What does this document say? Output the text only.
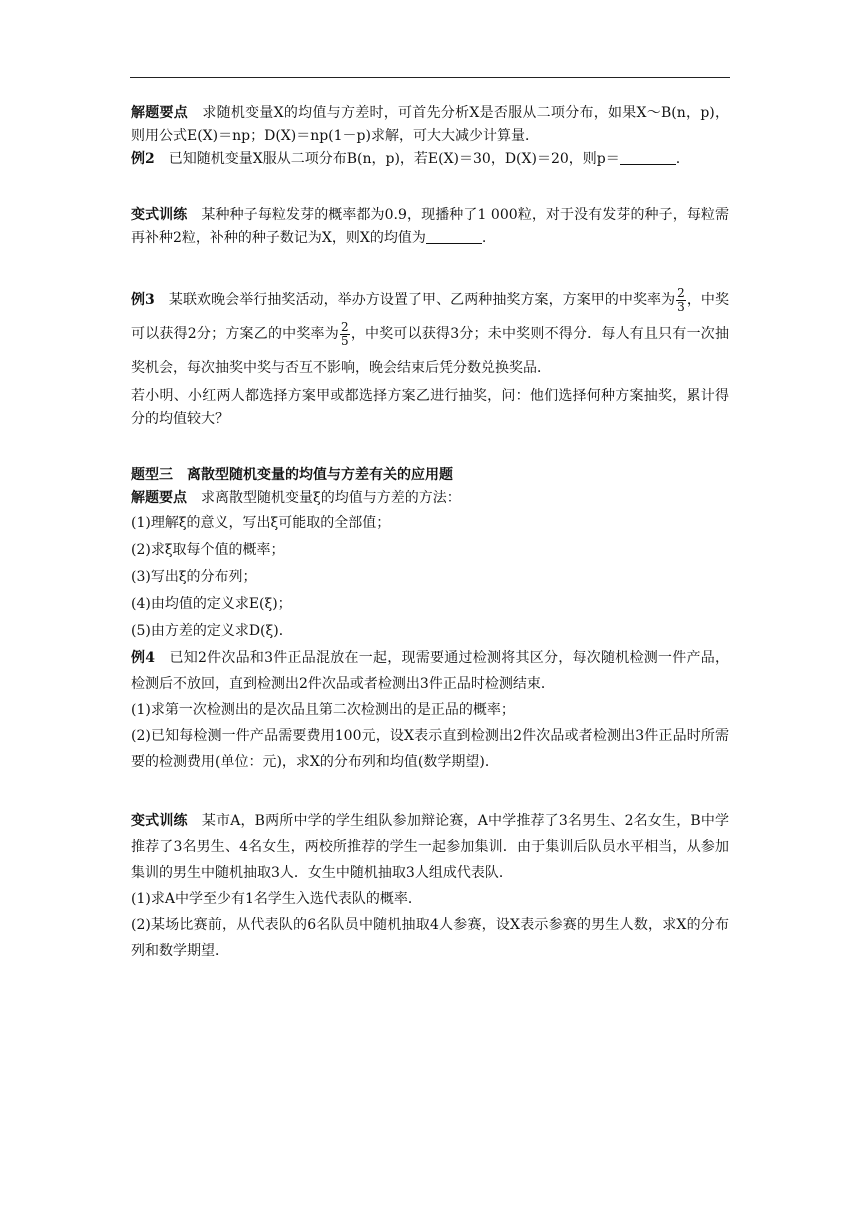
解题要点　求随机变量X的均值与方差时，可首先分析X是否服从二项分布，如果X～B(n，p)，则用公式E(X)＝np；D(X)＝np(1－p)求解，可大大减少计算量．

例2　已知随机变量X服从二项分布B(n，p)，若E(X)＝30，D(X)＝20，则p＝	.

变式训练　某种种子每粒发芽的概率都为0.9，现播种了1 000粒，对于没有发芽的种子，每粒需再补种2粒，补种的种子数记为X，则X的均值为	.

例3　某联欢晚会举行抽奖活动，举办方设置了甲、乙两种抽奖方案，方案甲的中奖率为 $\frac{2}{3}$ ，中奖可以获得2分；方案乙的中奖率为 $\frac{2}{5}$ ，中奖可以获得3分；未中奖则不得分．每人有且只有一次抽奖机会，每次抽奖中奖与否互不影响，晚会结束后凭分数兑换奖品．

若小明、小红两人都选择方案甲或都选择方案乙进行抽奖，问：他们选择何种方案抽奖，累计得分的均值较大？

题型三　离散型随机变量的均值与方差有关的应用题

解题要点　求离散型随机变量ξ的均值与方差的方法：

(1)理解ξ的意义，写出ξ可能取的全部值；

(2)求ξ取每个值的概率；

(3)写出ξ的分布列；

(4)由均值的定义求E(ξ)；

(5)由方差的定义求D(ξ)．

例4　已知2件次品和3件正品混放在一起，现需要通过检测将其区分，每次随机检测一件产品，检测后不放回，直到检测出2件次品或者检测出3件正品时检测结束．

(1)求第一次检测出的是次品且第二次检测出的是正品的概率；

(2)已知每检测一件产品需要费用100元，设X表示直到检测出2件次品或者检测出3件正品时所需要的检测费用(单位：元)，求X的分布列和均值(数学期望)．

变式训练　某市A，B两所中学的学生组队参加辩论赛，A中学推荐了3名男生、2名女生，B中学推荐了3名男生、4名女生，两校所推荐的学生一起参加集训．由于集训后队员水平相当，从参加集训的男生中随机抽取3人．女生中随机抽取3人组成代表队．

(1)求A中学至少有1名学生入选代表队的概率．

(2)某场比赛前，从代表队的6名队员中随机抽取4人参赛，设X表示参赛的男生人数，求X的分布列和数学期望．
